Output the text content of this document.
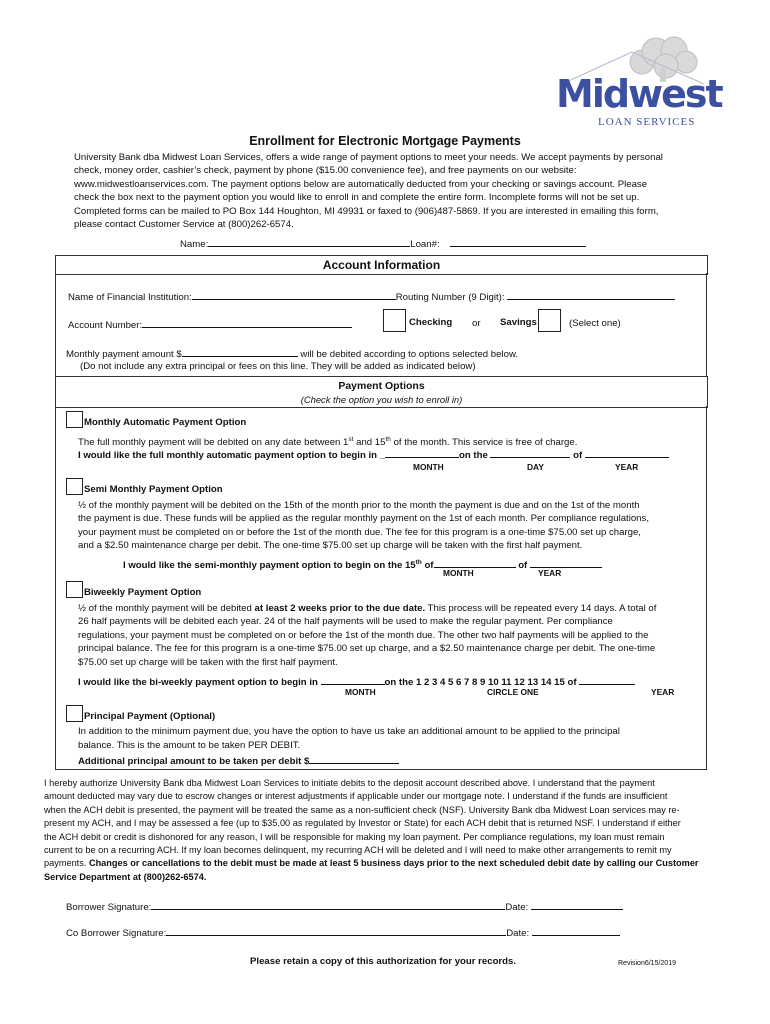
Midwest
LOAN SERVICES
Enrollment for Electronic Mortgage Payments
University Bank dba Midwest Loan Services, offers a wide range of payment options to meet your needs. We accept payments by personal
check, money order, cashier’s check, payment by phone ($15.00 convenience fee), and free payments on our website:
www.midwestloanservices.com. The payment options below are automatically deducted from your checking or savings account. Please
check the box next to the payment option you would like to enroll in and complete the entire form. Incomplete forms will not be set up.
Completed forms can be mailed to PO Box 144 Houghton, MI 49931 or faxed to (906)487-5869. If you are interested in emailing this form,
please contact Customer Service at (800)262-6574.
Name:	Loan#:
Account Information
Name of Financial Institution:	Routing Number (9 Digit):
Account Number:	Checking or Savings	(Select one)
Monthly payment amount $	will be debited according to options selected below.
(Do not include any extra principal or fees on this line. They will be added as indicated below)
Payment Options
(Check the option you wish to enroll in)
Monthly Automatic Payment Option
The full monthly payment will be debited on any date between 1st and 15th of the month. This service is free of charge.
I would like the full monthly automatic payment option to begin in _	on the	of
MONTH	DAY	YEAR
Semi Monthly Payment Option
½ of the monthly payment will be debited on the 15th of the month prior to the month the payment is due and on the 1st of the month
the payment is due. These funds will be applied as the regular monthly payment on the 1st of each month. Per compliance regulations,
your payment must be completed on or before the 1st of the month due. The fee for this program is a one-time $75.00 set up charge,
and a $2.50 maintenance charge per debit. The one-time $75.00 set up charge will be taken with the first half payment.
I would like the semi-monthly payment option to begin on the 15th of	of
MONTH	YEAR
Biweekly Payment Option
½ of the monthly payment will be debited at least 2 weeks prior to the due date. This process will be repeated every 14 days. A total of
26 half payments will be debited each year. 24 of the half payments will be used to make the regular payment. Per compliance
regulations, your payment must be completed on or before the 1st of the month due. The other two half payments will be applied to the
principal balance. The fee for this program is a one-time $75.00 set up charge, and a $2.50 maintenance charge per debit. The one-time
$75.00 set up charge will be taken with the first half payment.
I would like the bi-weekly payment option to begin in	on the 1 2 3 4 5 6 7 8 9 10 11 12 13 14 15 of
MONTH	CIRCLE ONE	YEAR
Principal Payment (Optional)
In addition to the minimum payment due, you have the option to have us take an additional amount to be applied to the principal
balance. This is the amount to be taken PER DEBIT.
Additional principal amount to be taken per debit $
I hereby authorize University Bank dba Midwest Loan Services to initiate debits to the deposit account described above. I understand that the payment
amount deducted may vary due to escrow changes or interest adjustments if applicable under our mortgage note. I understand if the funds are insufficient
when the ACH debit is presented, the payment will be treated the same as a non-sufficient check (NSF). University Bank dba Midwest Loan services may re-
present my ACH, and I may be assessed a fee (up to $35.00 as regulated by Investor or State) for each ACH debit that is returned NSF. I understand if either
the ACH debit or credit is dishonored for any reason, I will be responsible for making my loan payment. Per compliance regulations, my loan must remain
current to be on a recurring ACH. If my loan becomes delinquent, my recurring ACH will be deleted and I will need to make other arrangements to remit my
payments. Changes or cancellations to the debit must be made at least 5 business days prior to the next scheduled debit date by calling our Customer
Service Department at (800)262-6574.
Borrower Signature:	Date:
Co Borrower Signature:	Date:
Please retain a copy of this authorization for your records.	Revision6/15/2019
